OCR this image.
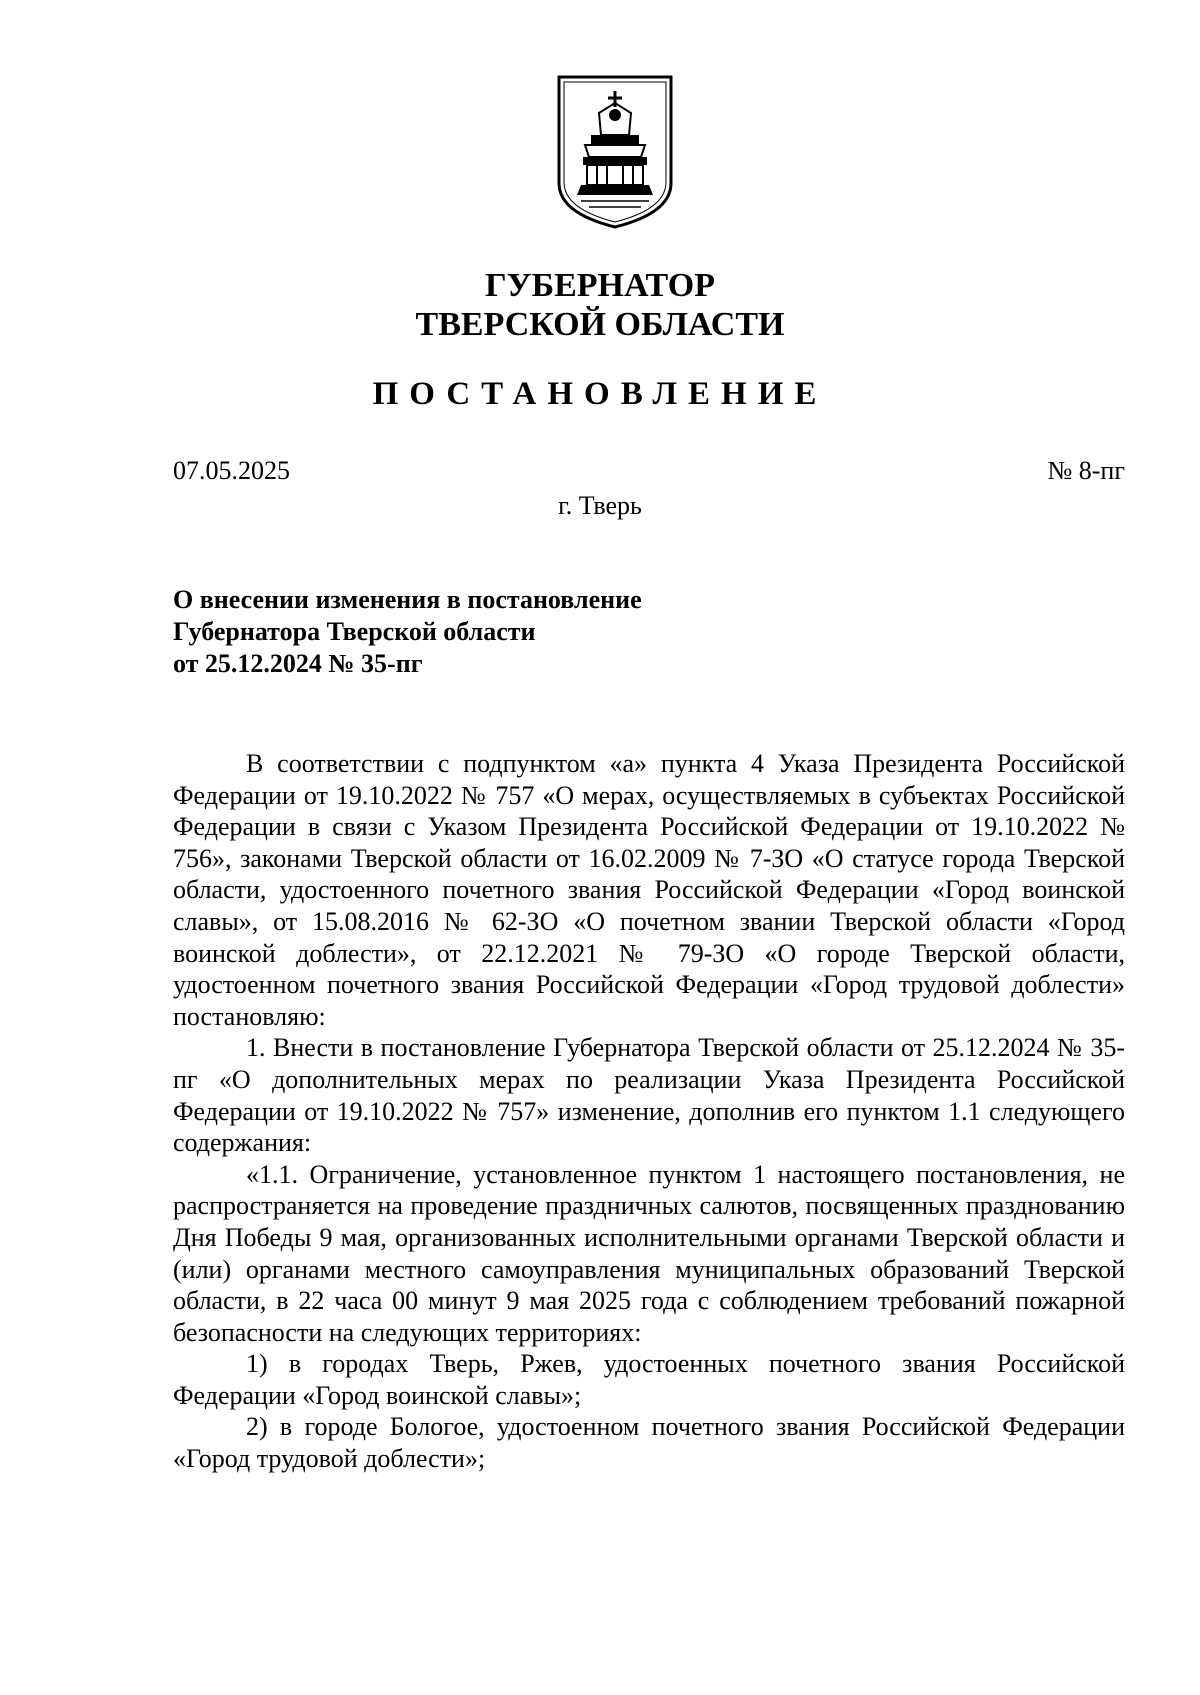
ГУБЕРНАТОР
ТВЕРСКОЙ ОБЛАСТИ
ПОСТАНОВЛЕНИЕ
07.05.2025	№ 8-пг
г. Тверь
О внесении изменения в постановление
Губернатора Тверской области
от 25.12.2024 № 35-пг

В соответствии с подпунктом «а» пункта 4 Указа Президента Российской Федерации от 19.10.2022 № 757 «О мерах, осуществляемых в субъектах Российской Федерации в связи с Указом Президента Российской Федерации от 19.10.2022 № 756», законами Тверской области от 16.02.2009 № 7-ЗО «О статусе города Тверской области, удостоенного почетного звания Российской Федерации «Город воинской славы», от 15.08.2016 № 62-ЗО «О почетном звании Тверской области «Город воинской доблести», от 22.12.2021 № 79-ЗО «О городе Тверской области, удостоенном почетного звания Российской Федерации «Город трудовой доблести» постановляю:

1. Внести в постановление Губернатора Тверской области от 25.12.2024 № 35-пг «О дополнительных мерах по реализации Указа Президента Российской Федерации от 19.10.2022 № 757» изменение, дополнив его пунктом 1.1 следующего содержания:

«1.1. Ограничение, установленное пунктом 1 настоящего постановления, не распространяется на проведение праздничных салютов, посвященных празднованию Дня Победы 9 мая, организованных исполнительными органами Тверской области и (или) органами местного самоуправления муниципальных образований Тверской области, в 22 часа 00 минут 9 мая 2025 года с соблюдением требований пожарной безопасности на следующих территориях:

1) в городах Тверь, Ржев, удостоенных почетного звания Российской Федерации «Город воинской славы»;

2) в городе Бологое, удостоенном почетного звания Российской Федерации «Город трудовой доблести»;
